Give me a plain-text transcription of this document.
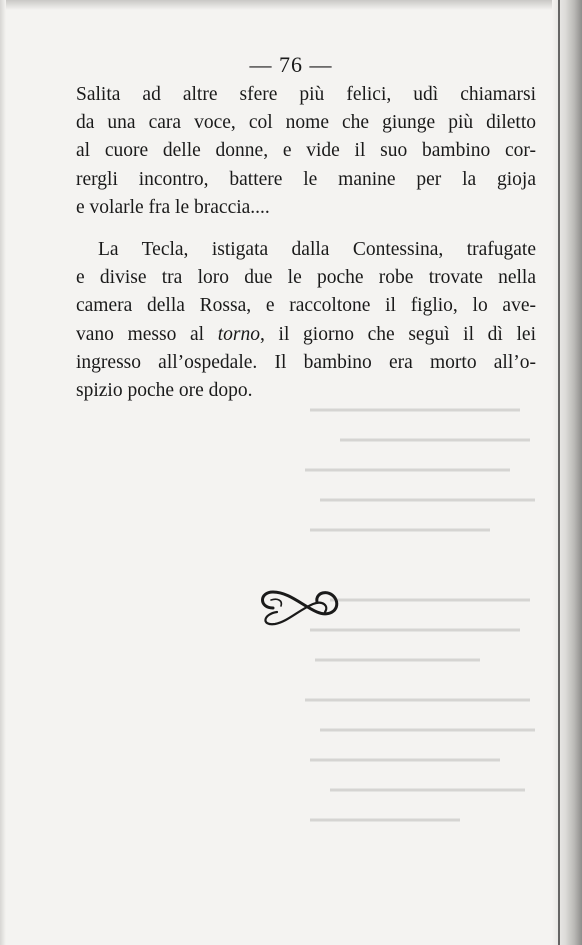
— 76 —
Salita ad altre sfere più felici, udì chiamarsi
da una cara voce, col nome che giunge più diletto
al cuore delle donne, e vide il suo bambino cor-
rergli incontro, battere le manine per la gioja
e volarle fra le braccia....
La Tecla, istigata dalla Contessina, trafugate
e divise tra loro due le poche robe trovate nella
camera della Rossa, e raccoltone il figlio, lo ave-
vano messo al torno, il giorno che seguì il dì lei
ingresso all’ospedale. Il bambino era morto all’o-
spizio poche ore dopo.
